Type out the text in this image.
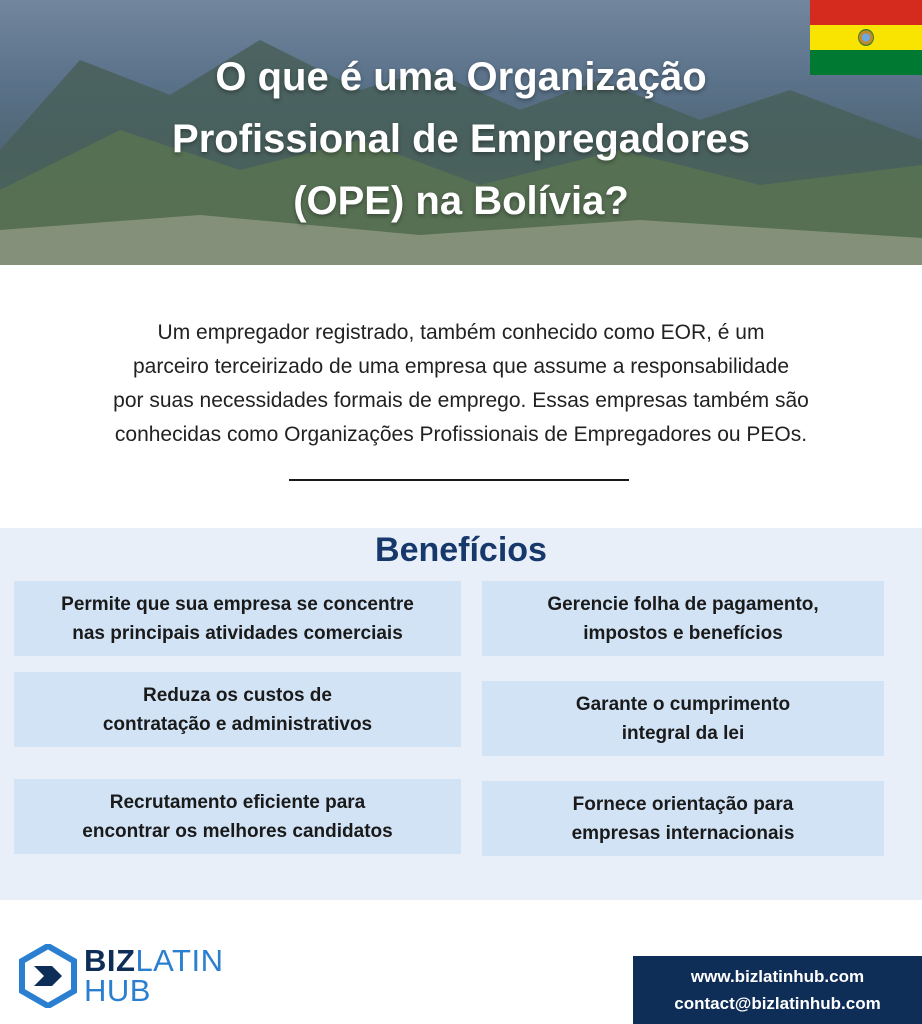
O que é uma Organização
Profissional de Empregadores
(OPE) na Bolívia?
Um empregador registrado, também conhecido como EOR, é um
parceiro terceirizado de uma empresa que assume a responsabilidade
por suas necessidades formais de emprego. Essas empresas também são
conhecidas como Organizações Profissionais de Empregadores ou PEOs.
Benefícios
Permite que sua empresa se concentre
nas principais atividades comerciais
Gerencie folha de pagamento,
impostos e benefícios
Reduza os custos de
contratação e administrativos
Garante o cumprimento
integral da lei
Recrutamento eficiente para
encontrar os melhores candidatos
Fornece orientação para
empresas internacionais
BIZLATIN
HUB	www.bizlatinhub.com
contact@bizlatinhub.com
